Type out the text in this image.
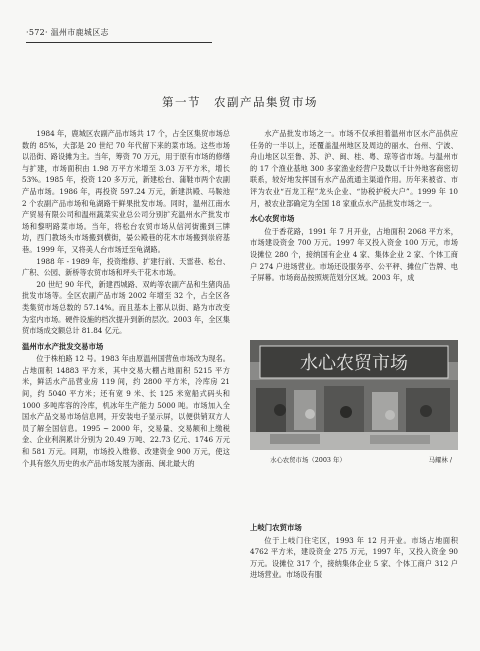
·572· 温州市鹿城区志
第一节　农副产品集贸市场

1984 年，鹿城区农副产品市场共 17 个，占全区集贸市场总数的 85%，大部是 20 世纪 70 年代留下来的菜市场。这些市场以沿街、路设摊为主。当年，筹资 70 万元，用于原有市场的修缮与扩建，市场面积由 1.98 万平方米增至 3.03 万平方米，增长 53%。1985 年，投资 120 多万元，新建松台、蒲鞋市两个农副产品市场。1986 年，再投资 597.24 万元，新建洪殿、马鞍池 2 个农副产品市场和龟湖路干鲜果批发市场。同时，温州江南水产贸易有限公司和温州蔬菜实业总公司分别扩充温州水产批发市场和黎明路菜市场。当年，将松台农贸市场从信河街搬到三牌坊，西门教场头市场搬到横街，晏公殿巷的花木市场搬到崇府基巷。1999 年，又将美人台市场迁至龟湖路。

1988 年 - 1989 年，投资维修、扩建行前、天雷巷、松台、广积、公园、新桥等农贸市场和坪头干花木市场。

20 世纪 90 年代，新建西城路、双屿等农副产品和生猪肉品批发市场等。全区农副产品市场 2002 年增至 32 个，占全区各类集贸市场总数的 57.14%。而且基本上都从以街、路为市改变为室内市场。硬件设施的档次提升到新的层次。2003 年，全区集贸市场成交额总计 81.84 亿元。

温州市水产批发交易市场

位于株柏路 12 号。1983 年由原温州国营鱼市场改为现名。占地面积 14883 平方米，其中交易大棚占地面积 5215 平方米，鲜活水产品营业房 119 间，约 2800 平方米，冷库房 21 间，约 5040 平方米；还有宽 9 米、长 125 米宽船式码头和 1000 多吨库容的冷库，机冰年生产能力 5000 吨。市场加入全国水产品交易市场信息网，开安装电子显示屏，以便供销双方人员了解全国信息。1995 ~ 2000 年，交易量、交易额和上缴税金、企业利润累计分别为 20.49 万吨、22.73 亿元、1746 万元和 581 万元。同期，市场投入维修、改建资金 900 万元，使这个具有悠久历史的水产品市场发展为浙南、闽北最大的

水产品批发市场之一。市场不仅承担着温州市区水产品供应任务的一半以上，还覆盖温州地区及周边的丽水、台州、宁波、舟山地区以至鲁、苏、沪、闽、桂、粤、琼等省市场。与温州市的 17 个渔业基地 300 多家渔业经营户及数以千计外地客商密切联系，较好地发挥国有水产品流通主渠道作用。历年来被省、市评为农业“百龙工程”龙头企业、“协税护税大户”。1999 年 10 月，被农业部确定为全国 18 家重点水产品批发市场之一。

水心农贸市场

位于香花路，1991 年 7 月开业，占地面积 2068 平方米，市场建设资金 700 万元。1997 年又投入资金 100 万元，市场设摊位 280 个，接纳国有企业 4 家、集体企业 2 家、个体工商户 274 户进场营业。市场还设服务亭、公平秤、摊位广告牌、电子屏幕。市场商品按照规范划分区域。2003 年，成

水心农贸市场
水心农贸市场（2003 年）	马耀林 /
上岐门农贸市场

位于上岐门住宅区，1993 年 12 月开业。市场占地面积 4762 平方米，建设资金 275 万元，1997 年，又投入资金 90 万元。设摊位 317 个，接纳集体企业 5 家、个体工商户 312 户进场营业。市场设有服
